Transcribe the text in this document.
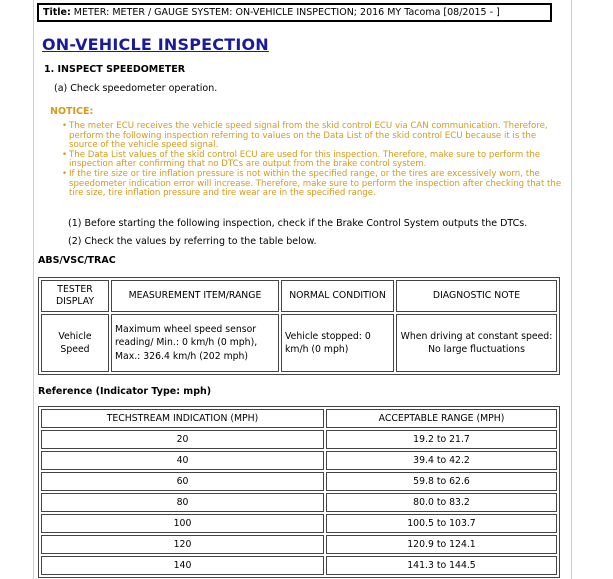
Title: METER: METER / GAUGE SYSTEM: ON-VEHICLE INSPECTION; 2016 MY Tacoma [08/2015 - ]
ON-VEHICLE INSPECTION
1. INSPECT SPEEDOMETER
(a) Check speedometer operation.
NOTICE:
• The meter ECU receives the vehicle speed signal from the skid control ECU via CAN communication. Therefore, perform the following inspection referring to values on the Data List of the skid control ECU because it is the source of the vehicle speed signal.
• The Data List values of the skid control ECU are used for this inspection. Therefore, make sure to perform the inspection after confirming that no DTCs are output from the brake control system.
• If the tire size or tire inflation pressure is not within the specified range, or the tires are excessively worn, the speedometer indication error will increase. Therefore, make sure to perform the inspection after checking that the tire size, tire inflation pressure and tire wear are in the specified range.
(1) Before starting the following inspection, check if the Brake Control System outputs the DTCs.
(2) Check the values by referring to the table below.
ABS/VSC/TRAC
TESTER DISPLAY	MEASUREMENT ITEM/RANGE	NORMAL CONDITION	DIAGNOSTIC NOTE
Vehicle Speed	Maximum wheel speed sensor reading/ Min.: 0 km/h (0 mph), Max.: 326.4 km/h (202 mph)	Vehicle stopped: 0 km/h (0 mph)	When driving at constant speed: No large fluctuations
Reference (Indicator Type: mph)
TECHSTREAM INDICATION (MPH)	ACCEPTABLE RANGE (MPH)
20	19.2 to 21.7
40	39.4 to 42.2
60	59.8 to 62.6
80	80.0 to 83.2
100	100.5 to 103.7
120	120.9 to 124.1
140	141.3 to 144.5
